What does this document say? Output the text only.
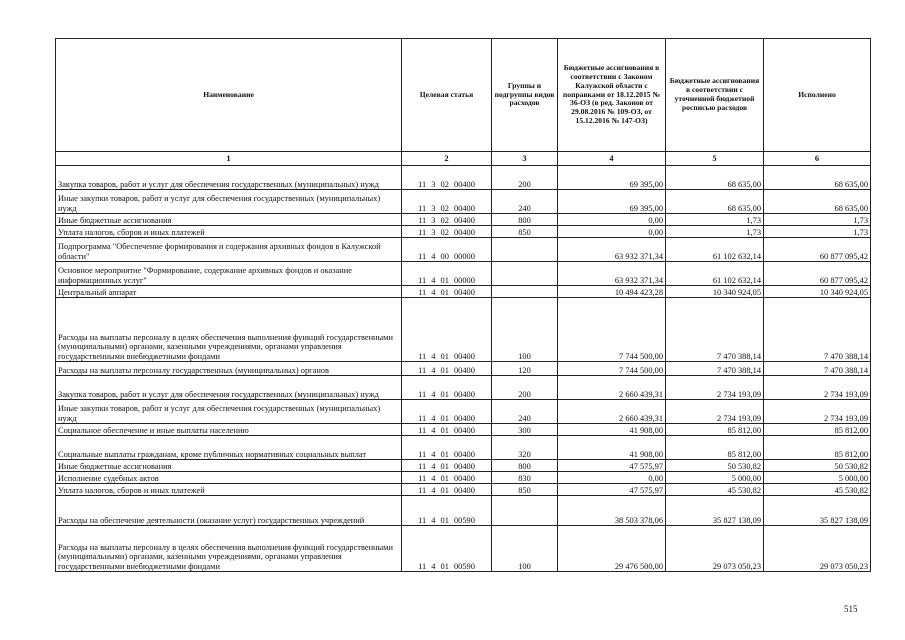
Наименование	Целевая статья	Группы и подгруппы видов расходов	Бюджетные ассигнования в соответствии с Законом Калужской области с поправками от 18.12.2015 № 36-ОЗ (в ред. Законов от 29.08.2016 № 109-ОЗ, от 15.12.2016 № 147-ОЗ)	Бюджетные ассигнования в соответствии с уточненной бюджетной росписью расходов	Исполнено
1	2	3	4	5	6
Закупка товаров, работ и услуг для обеспечения государственных (муниципальных) нужд	11 3 02 00400	200	69 395,00	68 635,00	68 635,00
Иные закупки товаров, работ и услуг для обеспечения государственных (муниципальных) нужд	11 3 02 00400	240	69 395,00	68 635,00	68 635,00
Иные бюджетные ассигнования	11 3 02 00400	800	0,00	1,73	1,73
Уплата налогов, сборов и иных платежей	11 3 02 00400	850	0,00	1,73	1,73
Подпрограмма "Обеспечение формирования и содержания архивных фондов в Калужской области"	11 4 00 00000		63 932 371,34	61 102 632,14	60 877 095,42
Основное мероприятие "Формирование, содержание архивных фондов и оказание информационных услуг"	11 4 01 00000		63 932 371,34	61 102 632,14	60 877 095,42
Центральный аппарат	11 4 01 00400		10 494 423,28	10 340 924,05	10 340 924,05
Расходы на выплаты персоналу в целях обеспечения выполнения функций государственными (муниципальными) органами, казенными учреждениями, органами управления государственными внебюджетными фондами	11 4 01 00400	100	7 744 500,00	7 470 388,14	7 470 388,14
Расходы на выплаты персоналу государственных (муниципальных) органов	11 4 01 00400	120	7 744 500,00	7 470 388,14	7 470 388,14
Закупка товаров, работ и услуг для обеспечения государственных (муниципальных) нужд	11 4 01 00400	200	2 660 439,31	2 734 193,09	2 734 193,09
Иные закупки товаров, работ и услуг для обеспечения государственных (муниципальных) нужд	11 4 01 00400	240	2 660 439,31	2 734 193,09	2 734 193,09
Социальное обеспечение и иные выплаты населению	11 4 01 00400	300	41 908,00	85 812,00	85 812,00
Социальные выплаты гражданам, кроме публичных нормативных социальных выплат	11 4 01 00400	320	41 908,00	85 812,00	85 812,00
Иные бюджетные ассигнования	11 4 01 00400	800	47 575,97	50 530,82	50 530,82
Исполнение судебных актов	11 4 01 00400	830	0,00	5 000,00	5 000,00
Уплата налогов, сборов и иных платежей	11 4 01 00400	850	47 575,97	45 530,82	45 530,82
Расходы на обеспечение деятельности (оказание услуг) государственных учреждений	11 4 01 00590		38 503 378,06	35 827 138,09	35 827 138,09
Расходы на выплаты персоналу в целях обеспечения выполнения функций государственными (муниципальными) органами, казенными учреждениями, органами управления государственными внебюджетными фондами	11 4 01 00590	100	29 476 500,00	29 073 050,23	29 073 050,23
515
